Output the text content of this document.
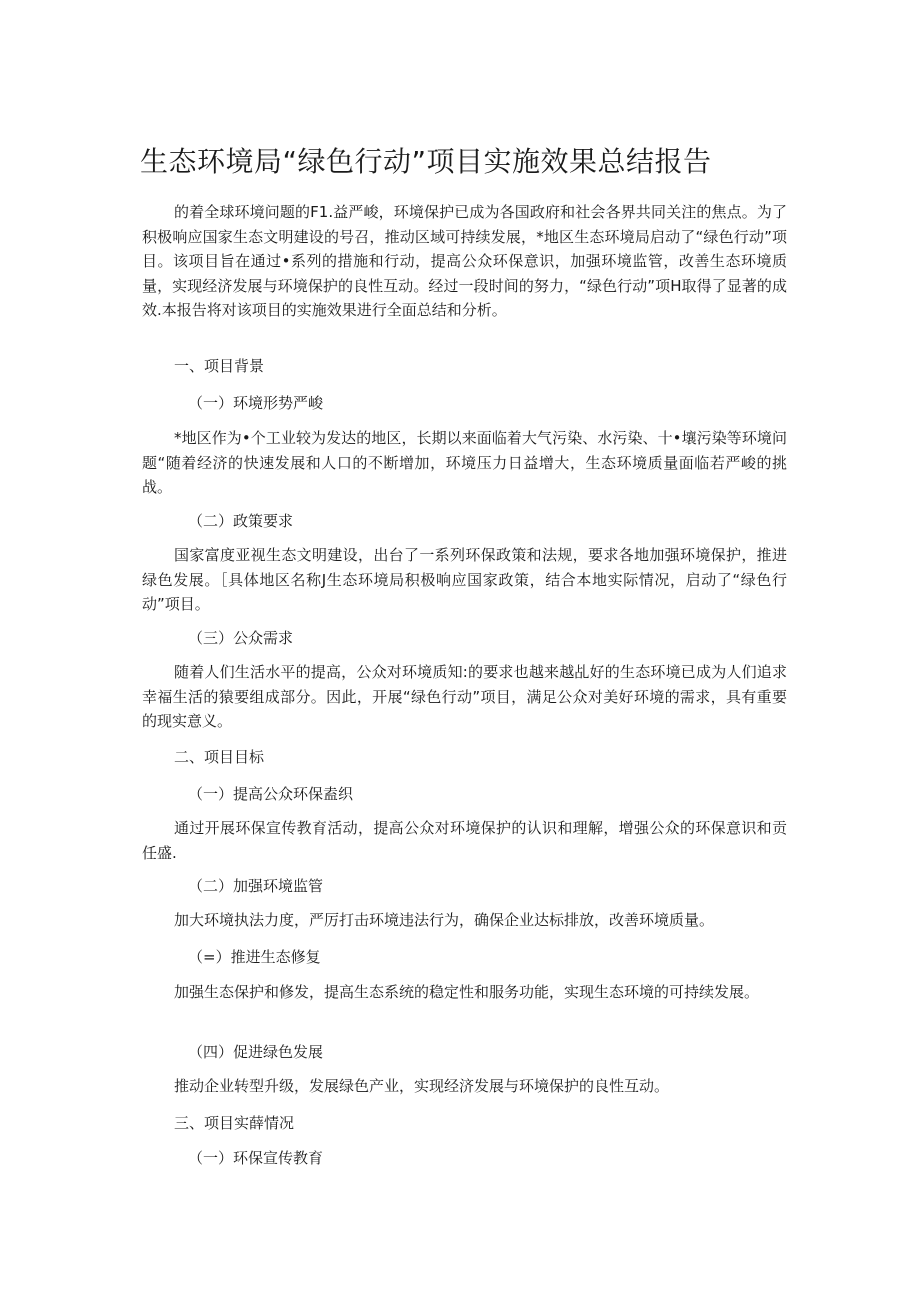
生态环境局“绿色行动”项目实施效果总结报告
的着全球环境问题的F1.益严峻，环境保护已成为各国政府和社会各界共同关注的焦点。为了积极响应国家生态文明建设的号召，推动区域可持续发展，*地区生态环境局启动了“绿色行动”项目。该项目旨在通过•系列的措施和行动，提高公众环保意识，加强环境监管，改善生态环境质量，实现经济发展与环境保护的良性互动。经过一段时间的努力，“绿色行动”项H取得了显著的成效.本报告将对该项目的实施效果进行全面总结和分析。
一、项目背景
（一）环境形势严峻
*地区作为•个工业较为发达的地区，长期以来面临着大气污染、水污染、十•壤污染等环境问题“随着经济的快速发展和人口的不断增加，环境压力日益增大，生态环境质量面临若严峻的挑战。
（二）政策要求
国家富度亚视生态文明建设，出台了一系列环保政策和法规，要求各地加强环境保护，推进绿色发展。［具体地区名称J生态环境局积极响应国家政策，结合本地实际情况，启动了“绿色行动”项目。
（三）公众需求
随着人们生活水平的提高，公众对环境质知:的要求也越来越乩好的生态环境已成为人们追求幸福生活的猿要组成部分。因此，开展“绿色行动”项目，满足公众对美好环境的需求，具有重要的现实意义。
二、项目目标
（一）提高公众环保盍织
通过开展环保宣传教育活动，提高公众对环境保护的认识和理解，增强公众的环保意识和贡任盛.
（二）加强环境监管
加大环境执法力度，严厉打击环境违法行为，确保企业达标排放，改善环境质量。
（=）推进生态修复
加强生态保护和修发，提高生态系统的稳定性和服务功能，实现生态环境的可持续发展。
（四）促进绿色发展
推动企业转型升级，发展绿色产业，实现经济发展与环境保护的良性互动。
三、项目实薛情况
（一）环保宣传教育
